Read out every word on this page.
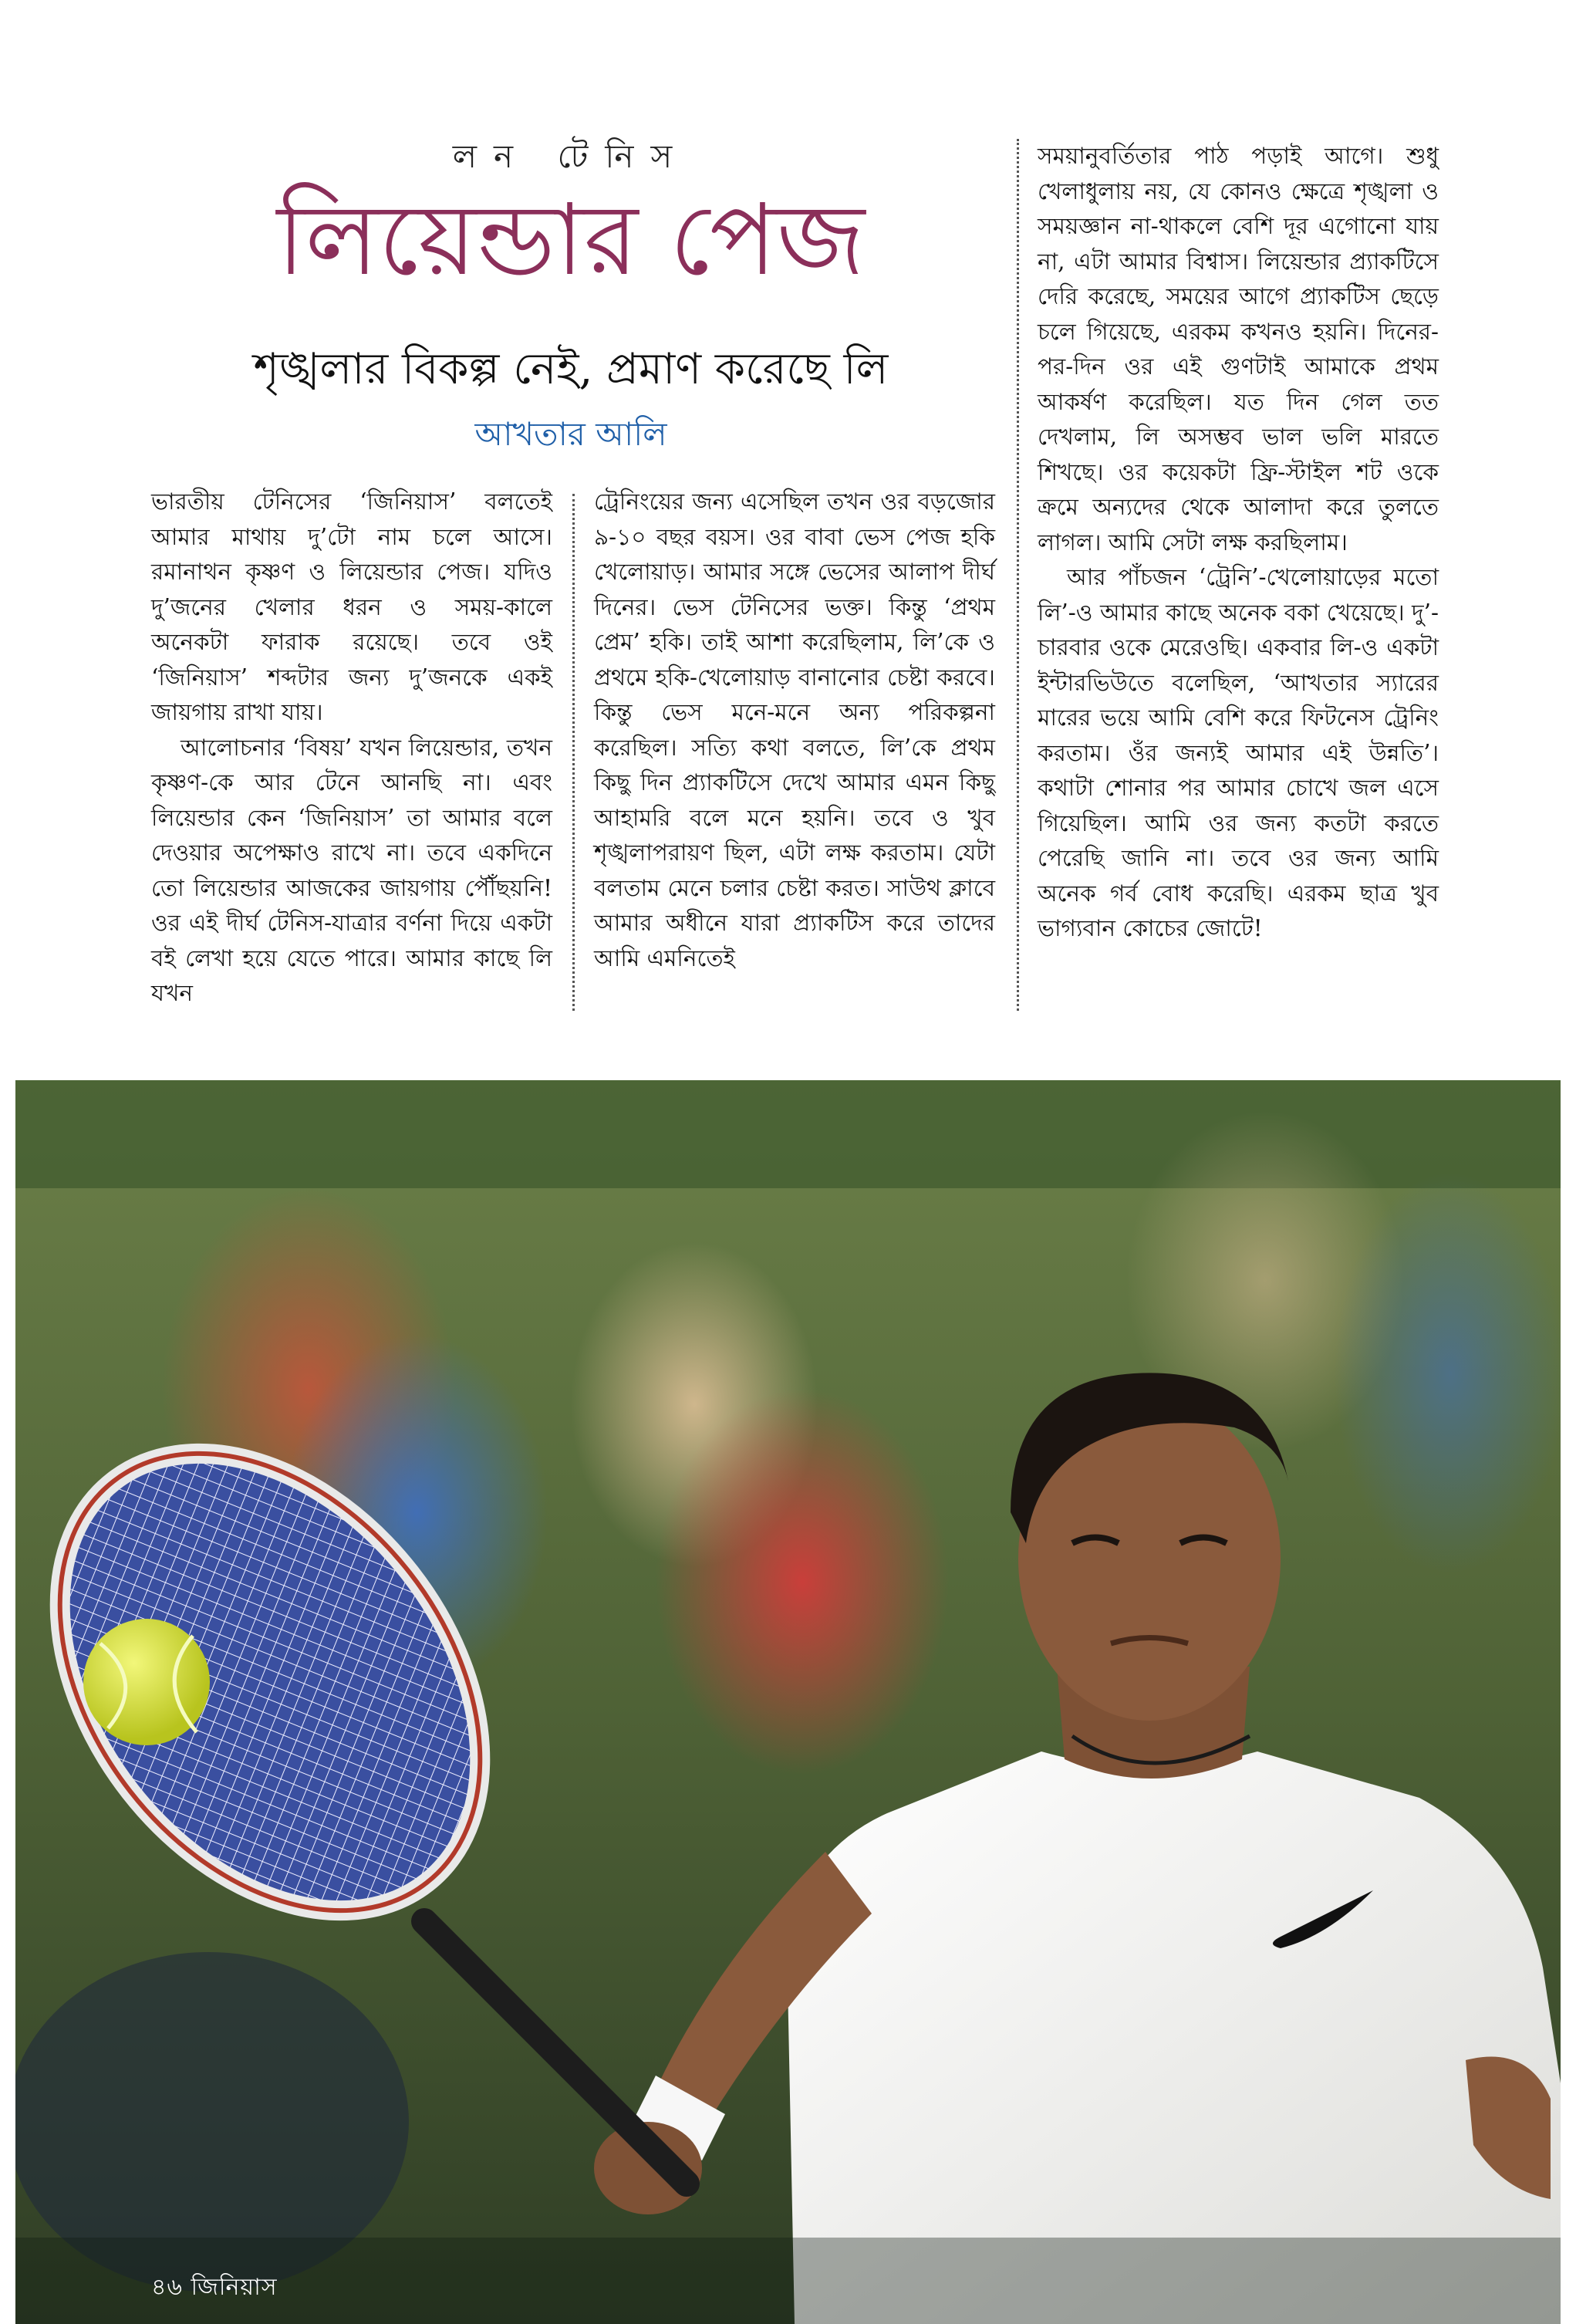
লন টেনিস
লিয়েন্ডার পেজ
শৃঙ্খলার বিকল্প নেই, প্রমাণ করেছে লি
আখতার আলি

ভারতীয় টেনিসের ‘জিনিয়াস’ বলতেই আমার মাথায় দু’টো নাম চলে আসে। রমানাথন কৃষ্ণণ ও লিয়েন্ডার পেজ। যদিও দু’জনের খেলার ধরন ও সময়-কালে অনেকটা ফারাক রয়েছে। তবে ওই ‘জিনিয়াস’ শব্দটার জন্য দু’জনকে একই জায়গায় রাখা যায়।

আলোচনার ‘বিষয়’ যখন লিয়েন্ডার, তখন কৃষ্ণণ-কে আর টেনে আনছি না। এবং লিয়েন্ডার কেন ‘জিনিয়াস’ তা আমার বলে দেওয়ার অপেক্ষাও রাখে না। তবে একদিনে তো লিয়েন্ডার আজকের জায়গায় পৌঁছয়নি! ওর এই দীর্ঘ টেনিস-যাত্রার বর্ণনা দিয়ে একটা বই লেখা হয়ে যেতে পারে। আমার কাছে লি যখন

ট্রেনিংয়ের জন্য এসেছিল তখন ওর বড়জোর ৯-১০ বছর বয়স। ওর বাবা ভেস পেজ হকি খেলোয়াড়। আমার সঙ্গে ভেসের আলাপ দীর্ঘ দিনের। ভেস টেনিসের ভক্ত। কিন্তু ‘প্রথম প্রেম’ হকি। তাই আশা করেছিলাম, লি’কে ও প্রথমে হকি-খেলোয়াড় বানানোর চেষ্টা করবে। কিন্তু ভেস মনে-মনে অন্য পরিকল্পনা করেছিল। সত্যি কথা বলতে, লি’কে প্রথম কিছু দিন প্র্যাকটিসে দেখে আমার এমন কিছু আহামরি বলে মনে হয়নি। তবে ও খুব শৃঙ্খলাপরায়ণ ছিল, এটা লক্ষ করতাম। যেটা বলতাম মেনে চলার চেষ্টা করত। সাউথ ক্লাবে আমার অধীনে যারা প্র্যাকটিস করে তাদের আমি এমনিতেই

সময়ানুবর্তিতার পাঠ পড়াই আগে। শুধু খেলাধুলায় নয়, যে কোনও ক্ষেত্রে শৃঙ্খলা ও সময়জ্ঞান না-থাকলে বেশি দূর এগোনো যায় না, এটা আমার বিশ্বাস। লিয়েন্ডার প্র্যাকটিসে দেরি করেছে, সময়ের আগে প্র্যাকটিস ছেড়ে চলে গিয়েছে, এরকম কখনও হয়নি। দিনের-পর-দিন ওর এই গুণটাই আমাকে প্রথম আকর্ষণ করেছিল। যত দিন গেল তত দেখলাম, লি অসম্ভব ভাল ভলি মারতে শিখছে। ওর কয়েকটা ফ্রি-স্টাইল শট ওকে ক্রমে অন্যদের থেকে আলাদা করে তুলতে লাগল। আমি সেটা লক্ষ করছিলাম।

আর পাঁচজন ‘ট্রেনি’-খেলোয়াড়ের মতো লি’-ও আমার কাছে অনেক বকা খেয়েছে। দু’-চারবার ওকে মেরেওছি। একবার লি-ও একটা ইন্টারভিউতে বলেছিল, ‘আখতার স্যারের মারের ভয়ে আমি বেশি করে ফিটনেস ট্রেনিং করতাম। ওঁর জন্যই আমার এই উন্নতি’। কথাটা শোনার পর আমার চোখে জল এসে গিয়েছিল। আমি ওর জন্য কতটা করতে পেরেছি জানি না। তবে ওর জন্য আমি অনেক গর্ব বোধ করেছি। এরকম ছাত্র খুব ভাগ্যবান কোচের জোটে!

৪৬ জিনিয়াস
